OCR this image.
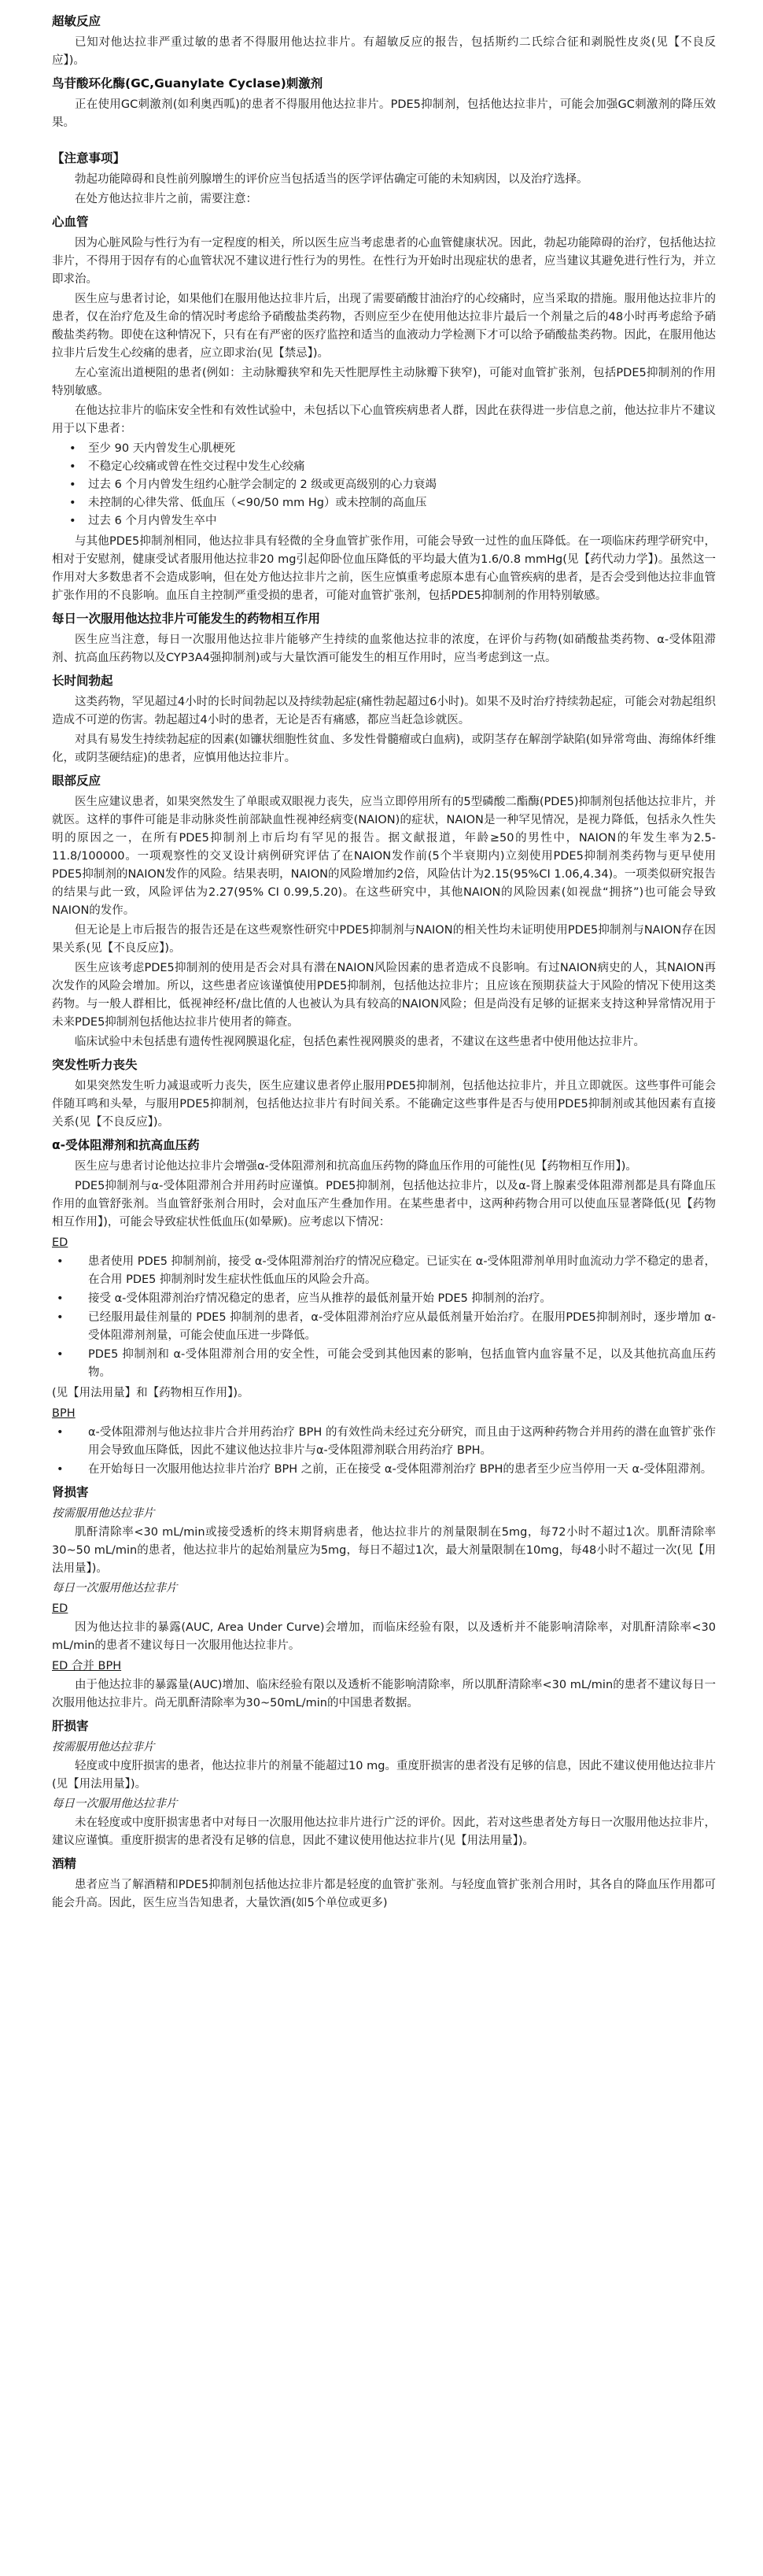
超敏反应

已知对他达拉非严重过敏的患者不得服用他达拉非片。有超敏反应的报告，包括斯约二氏综合征和剥脱性皮炎(见【不良反应】)。

鸟苷酸环化酶(GC,Guanylate Cyclase)刺激剂

正在使用GC刺激剂(如利奥西呱)的患者不得服用他达拉非片。PDE5抑制剂，包括他达拉非片，可能会加强GC刺激剂的降压效果。

【注意事项】

勃起功能障碍和良性前列腺增生的评价应当包括适当的医学评估确定可能的未知病因，以及治疗选择。

在处方他达拉非片之前，需要注意：

心血管

因为心脏风险与性行为有一定程度的相关，所以医生应当考虑患者的心血管健康状况。因此，勃起功能障碍的治疗，包括他达拉非片，不得用于因存有的心血管状况不建议进行性行为的男性。在性行为开始时出现症状的患者，应当建议其避免进行性行为，并立即求治。

医生应与患者讨论，如果他们在服用他达拉非片后，出现了需要硝酸甘油治疗的心绞痛时，应当采取的措施。服用他达拉非片的患者，仅在治疗危及生命的情况时考虑给予硝酸盐类药物，否则应至少在使用他达拉非片最后一个剂量之后的48小时再考虑给予硝酸盐类药物。即使在这种情况下，只有在有严密的医疗监控和适当的血液动力学检测下才可以给予硝酸盐类药物。因此，在服用他达拉非片后发生心绞痛的患者，应立即求治(见【禁忌】)。

左心室流出道梗阻的患者(例如：主动脉瓣狭窄和先天性肥厚性主动脉瓣下狭窄)，可能对血管扩张剂，包括PDE5抑制剂的作用特别敏感。

在他达拉非片的临床安全性和有效性试验中，未包括以下心血管疾病患者人群，因此在获得进一步信息之前，他达拉非片不建议用于以下患者：

• 至少 90 天内曾发生心肌梗死
• 不稳定心绞痛或曾在性交过程中发生心绞痛
• 过去 6 个月内曾发生纽约心脏学会制定的 2 级或更高级别的心力衰竭
• 未控制的心律失常、低血压（<90/50 mm Hg）或未控制的高血压
• 过去 6 个月内曾发生卒中

与其他PDE5抑制剂相同，他达拉非具有轻微的全身血管扩张作用，可能会导致一过性的血压降低。在一项临床药理学研究中，相对于安慰剂，健康受试者服用他达拉非20 mg引起仰卧位血压降低的平均最大值为1.6/0.8 mmHg(见【药代动力学】)。虽然这一作用对大多数患者不会造成影响，但在处方他达拉非片之前，医生应慎重考虑原本患有心血管疾病的患者，是否会受到他达拉非血管扩张作用的不良影响。血压自主控制严重受损的患者，可能对血管扩张剂，包括PDE5抑制剂的作用特别敏感。

每日一次服用他达拉非片可能发生的药物相互作用

医生应当注意，每日一次服用他达拉非片能够产生持续的血浆他达拉非的浓度，在评价与药物(如硝酸盐类药物、α-受体阻滞剂、抗高血压药物以及CYP3A4强抑制剂)或与大量饮酒可能发生的相互作用时，应当考虑到这一点。

长时间勃起

这类药物，罕见超过4小时的长时间勃起以及持续勃起症(痛性勃起超过6小时)。如果不及时治疗持续勃起症，可能会对勃起组织造成不可逆的伤害。勃起超过4小时的患者，无论是否有痛感，都应当赶急诊就医。

对具有易发生持续勃起症的因素(如镰状细胞性贫血、多发性骨髓瘤或白血病)，或阴茎存在解剖学缺陷(如异常弯曲、海绵体纤维化，或阴茎硬结症)的患者，应慎用他达拉非片。

眼部反应

医生应建议患者，如果突然发生了单眼或双眼视力丧失，应当立即停用所有的5型磷酸二酯酶(PDE5)抑制剂包括他达拉非片，并就医。这样的事件可能是非动脉炎性前部缺血性视神经病变(NAION)的症状，NAION是一种罕见情况，是视力降低，包括永久性失明的原因之一，在所有PDE5抑制剂上市后均有罕见的报告。据文献报道，年龄≥50的男性中，NAION的年发生率为2.5-11.8/100000。一项观察性的交叉设计病例研究评估了在NAION发作前(5个半衰期内)立刻使用PDE5抑制剂类药物与更早使用PDE5抑制剂的NAION发作的风险。结果表明，NAION的风险增加约2倍，风险估计为2.15(95%CI 1.06,4.34)。一项类似研究报告的结果与此一致，风险评估为2.27(95% CI 0.99,5.20)。在这些研究中，其他NAION的风险因素(如视盘“拥挤”)也可能会导致NAION的发作。

但无论是上市后报告的报告还是在这些观察性研究中PDE5抑制剂与NAION的相关性均未证明使用PDE5抑制剂与NAION存在因果关系(见【不良反应】)。

医生应该考虑PDE5抑制剂的使用是否会对具有潜在NAION风险因素的患者造成不良影响。有过NAION病史的人，其NAION再次发作的风险会增加。所以，这些患者应该谨慎使用PDE5抑制剂，包括他达拉非片；且应该在预期获益大于风险的情况下使用这类药物。与一般人群相比，低视神经杯/盘比值的人也被认为具有较高的NAION风险；但是尚没有足够的证据来支持这种异常情况用于未来PDE5抑制剂包括他达拉非片使用者的筛查。

临床试验中未包括患有遗传性视网膜退化症，包括色素性视网膜炎的患者，不建议在这些患者中使用他达拉非片。

突发性听力丧失

如果突然发生听力减退或听力丧失，医生应建议患者停止服用PDE5抑制剂，包括他达拉非片，并且立即就医。这些事件可能会伴随耳鸣和头晕，与服用PDE5抑制剂，包括他达拉非片有时间关系。不能确定这些事件是否与使用PDE5抑制剂或其他因素有直接关系(见【不良反应】)。

α-受体阻滞剂和抗高血压药

医生应与患者讨论他达拉非片会增强α-受体阻滞剂和抗高血压药物的降血压作用的可能性(见【药物相互作用】)。

PDE5抑制剂与α-受体阻滞剂合并用药时应谨慎。PDE5抑制剂，包括他达拉非片，以及α-肾上腺素受体阻滞剂都是具有降血压作用的血管舒张剂。当血管舒张剂合用时，会对血压产生叠加作用。在某些患者中，这两种药物合用可以使血压显著降低(见【药物相互作用】)，可能会导致症状性低血压(如晕厥)。应考虑以下情况：

ED
• 患者使用 PDE5 抑制剂前，接受 α-受体阻滞剂治疗的情况应稳定。已证实在 α-受体阻滞剂单用时血流动力学不稳定的患者，在合用 PDE5 抑制剂时发生症状性低血压的风险会升高。
• 接受 α-受体阻滞剂治疗情况稳定的患者，应当从推荐的最低剂量开始 PDE5 抑制剂的治疗。
• 已经服用最佳剂量的 PDE5 抑制剂的患者，α-受体阻滞剂治疗应从最低剂量开始治疗。在服用PDE5抑制剂时，逐步增加 α-受体阻滞剂剂量，可能会使血压进一步降低。
• PDE5 抑制剂和 α-受体阻滞剂合用的安全性，可能会受到其他因素的影响，包括血管内血容量不足，以及其他抗高血压药物。

(见【用法用量】和【药物相互作用】)。

BPH
• α-受体阻滞剂与他达拉非片合并用药治疗 BPH 的有效性尚未经过充分研究，而且由于这两种药物合并用药的潜在血管扩张作用会导致血压降低，因此不建议他达拉非片与α-受体阻滞剂联合用药治疗 BPH。
• 在开始每日一次服用他达拉非片治疗 BPH 之前，正在接受 α-受体阻滞剂治疗 BPH的患者至少应当停用一天 α-受体阻滞剂。
肾损害
按需服用他达拉非片

肌酐清除率<30 mL/min或接受透析的终末期肾病患者，他达拉非片的剂量限制在5mg，每72小时不超过1次。肌酐清除率30~50 mL/min的患者，他达拉非片的起始剂量应为5mg，每日不超过1次，最大剂量限制在10mg，每48小时不超过一次(见【用法用量】)。

每日一次服用他达拉非片
ED

因为他达拉非的暴露(AUC, Area Under Curve)会增加，而临床经验有限，以及透析并不能影响清除率，对肌酐清除率<30 mL/min的患者不建议每日一次服用他达拉非片。

ED 合并 BPH

由于他达拉非的暴露量(AUC)增加、临床经验有限以及透析不能影响清除率，所以肌酐清除率<30 mL/min的患者不建议每日一次服用他达拉非片。尚无肌酐清除率为30~50mL/min的中国患者数据。

肝损害
按需服用他达拉非片

轻度或中度肝损害的患者，他达拉非片的剂量不能超过10 mg。重度肝损害的患者没有足够的信息，因此不建议使用他达拉非片(见【用法用量】)。

每日一次服用他达拉非片

未在轻度或中度肝损害患者中对每日一次服用他达拉非片进行广泛的评价。因此，若对这些患者处方每日一次服用他达拉非片，建议应谨慎。重度肝损害的患者没有足够的信息，因此不建议使用他达拉非片(见【用法用量】)。

酒精

患者应当了解酒精和PDE5抑制剂包括他达拉非片都是轻度的血管扩张剂。与轻度血管扩张剂合用时，其各自的降血压作用都可能会升高。因此，医生应当告知患者，大量饮酒(如5个单位或更多)
